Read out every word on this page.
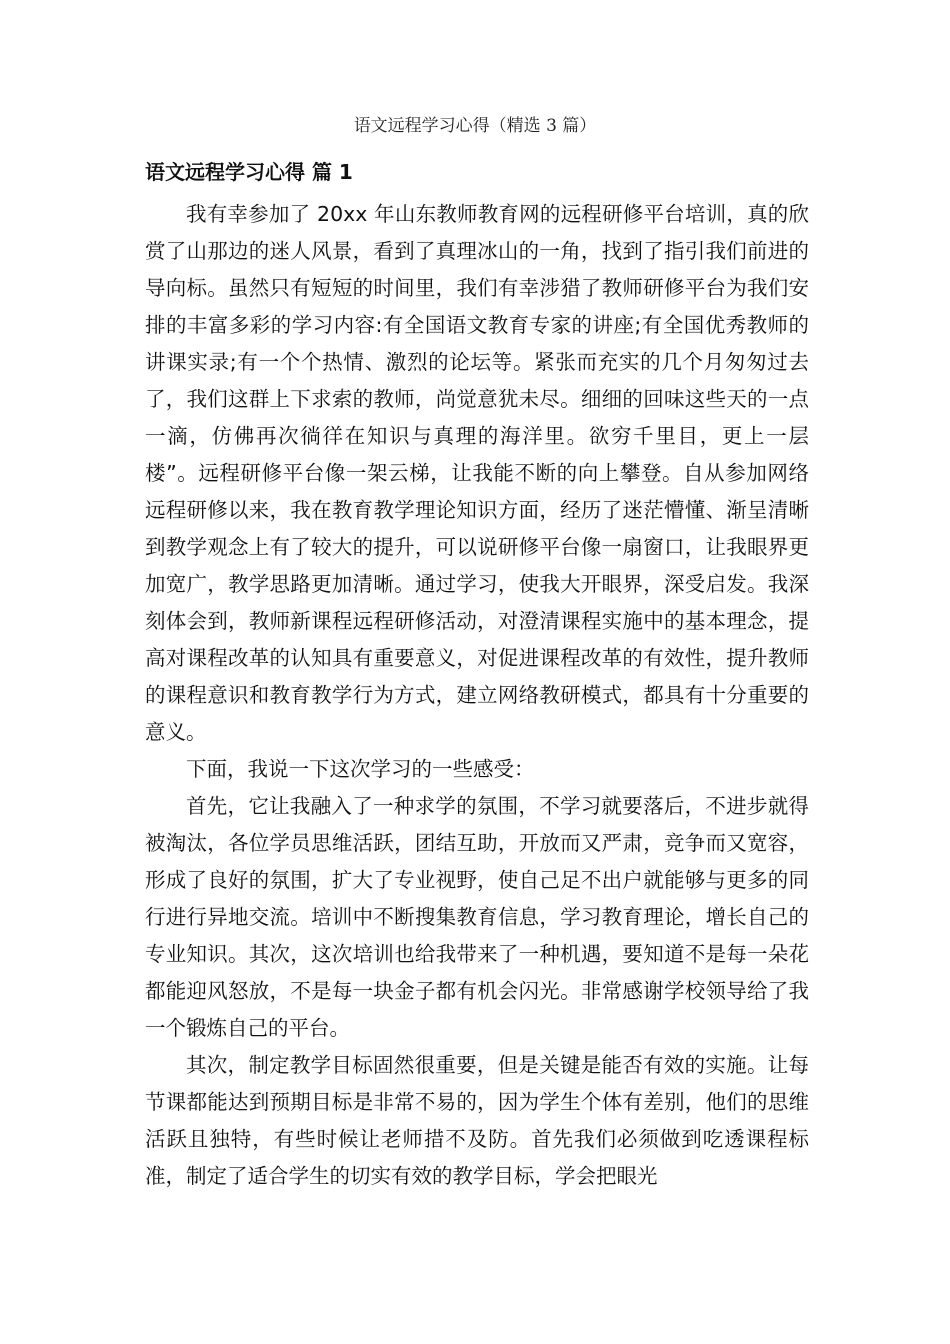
语文远程学习心得（精选 3 篇）
语文远程学习心得 篇 1

我有幸参加了 20xx 年山东教师教育网的远程研修平台培训，真的欣赏了山那边的迷人风景，看到了真理冰山的一角，找到了指引我们前进的导向标。虽然只有短短的时间里，我们有幸涉猎了教师研修平台为我们安排的丰富多彩的学习内容:有全国语文教育专家的讲座;有全国优秀教师的讲课实录;有一个个热情、激烈的论坛等。紧张而充实的几个月匆匆过去了，我们这群上下求索的教师，尚觉意犹未尽。细细的回味这些天的一点一滴，仿佛再次徜徉在知识与真理的海洋里。欲穷千里目，更上一层楼”。远程研修平台像一架云梯，让我能不断的向上攀登。自从参加网络远程研修以来，我在教育教学理论知识方面，经历了迷茫懵懂、渐呈清晰到教学观念上有了较大的提升，可以说研修平台像一扇窗口，让我眼界更加宽广，教学思路更加清晰。通过学习，使我大开眼界，深受启发。我深刻体会到，教师新课程远程研修活动，对澄清课程实施中的基本理念，提高对课程改革的认知具有重要意义，对促进课程改革的有效性，提升教师的课程意识和教育教学行为方式，建立网络教研模式，都具有十分重要的意义。

下面，我说一下这次学习的一些感受：

首先，它让我融入了一种求学的氛围，不学习就要落后，不进步就得被淘汰，各位学员思维活跃，团结互助，开放而又严肃，竞争而又宽容，形成了良好的氛围，扩大了专业视野，使自己足不出户就能够与更多的同行进行异地交流。培训中不断搜集教育信息，学习教育理论，增长自己的专业知识。其次，这次培训也给我带来了一种机遇，要知道不是每一朵花都能迎风怒放，不是每一块金子都有机会闪光。非常感谢学校领导给了我一个锻炼自己的平台。

其次，制定教学目标固然很重要，但是关键是能否有效的实施。让每节课都能达到预期目标是非常不易的，因为学生个体有差别，他们的思维活跃且独特，有些时候让老师措不及防。首先我们必须做到吃透课程标准，制定了适合学生的切实有效的教学目标，学会把眼光
